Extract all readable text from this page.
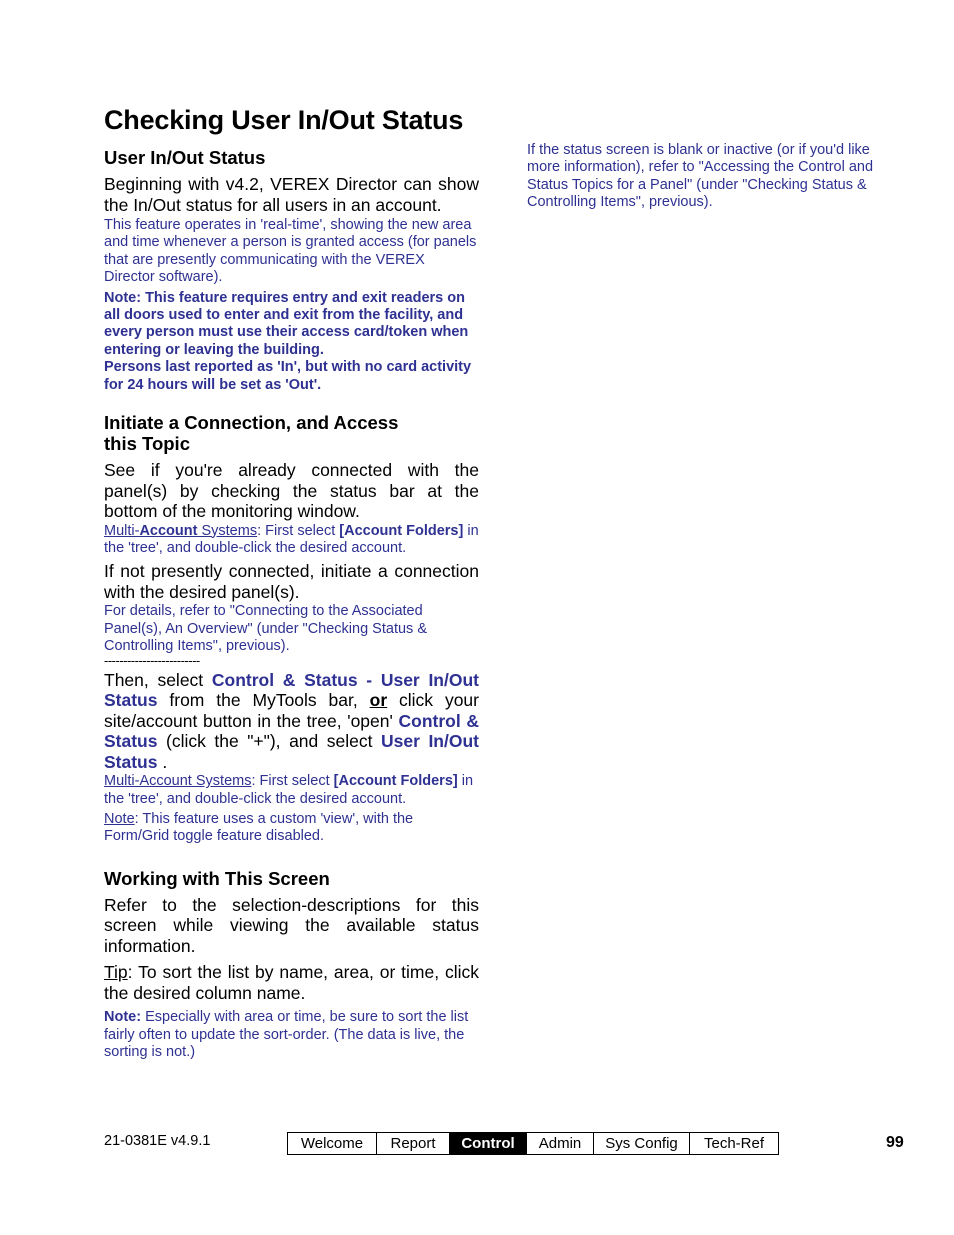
Checking User In/Out Status
User In/Out Status

Beginning with v4.2, VEREX Director can show the In/Out status for all users in an account.

This feature operates in 'real-time', showing the new area and time whenever a person is granted access (for panels that are presently communicating with the VEREX Director software).

Note: This feature requires entry and exit readers on all doors used to enter and exit from the facility, and every person must use their access card/token when entering or leaving the building.

Persons last reported as 'In', but with no card activity for 24 hours will be set as 'Out'.

Initiate a Connection, and Access
this Topic

See if you're already connected with the panel(s) by checking the status bar at the bottom of the monitoring window.

Multi-Account Systems: First select [Account Folders] in the 'tree', and double-click the desired account.

If not presently connected, initiate a connection with the desired panel(s).

For details, refer to "Connecting to the Associated Panel(s), An Overview" (under "Checking Status & Controlling Items", previous).

-------------------------

Then, select Control & Status - User In/Out Status from the MyTools bar, or click your site/account button in the tree, 'open' Control & Status (click the "+"), and select User In/Out Status .

Multi-Account Systems: First select [Account Folders] in the 'tree', and double-click the desired account.

Note: This feature uses a custom 'view', with the Form/Grid toggle feature disabled.

Working with This Screen

Refer to the selection-descriptions for this screen while viewing the available status information.

Tip: To sort the list by name, area, or time, click the desired column name.

Note: Especially with area or time, be sure to sort the list fairly often to update the sort-order. (The data is live, the sorting is not.)

If the status screen is blank or inactive (or if you'd like more information), refer to "Accessing the Control and Status Topics for a Panel" (under "Checking Status & Controlling Items", previous).

21-0381E v4.9.1	Welcome	Report	Control	Admin	Sys Config	Tech-Ref	99
